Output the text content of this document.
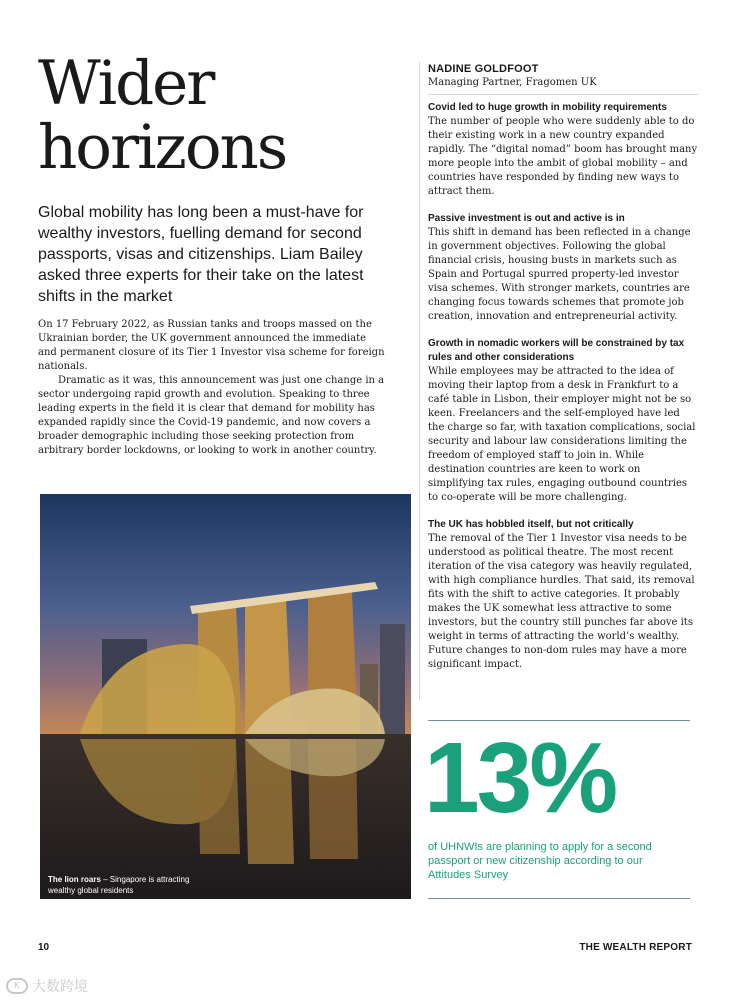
Wider horizons

Global mobility has long been a must-have for wealthy investors, fuelling demand for second passports, visas and citizenships. Liam Bailey asked three experts for their take on the latest shifts in the market

On 17 February 2022, as Russian tanks and troops massed on the Ukrainian border, the UK government announced the immediate and permanent closure of its Tier 1 Investor visa scheme for foreign nationals.

Dramatic as it was, this announcement was just one change in a sector undergoing rapid growth and evolution. Speaking to three leading experts in the field it is clear that demand for mobility has expanded rapidly since the Covid-19 pandemic, and now covers a broader demographic including those seeking protection from arbitrary border lockdowns, or looking to work in another country.

The lion roars – Singapore is attracting wealthy global residents

NADINE GOLDFOOT

Managing Partner, Fragomen UK

Covid led to huge growth in mobility requirements

The number of people who were suddenly able to do their existing work in a new country expanded rapidly. The “digital nomad” boom has brought many more people into the ambit of global mobility – and countries have responded by finding new ways to attract them.

Passive investment is out and active is in

This shift in demand has been reflected in a change in government objectives. Following the global financial crisis, housing busts in markets such as Spain and Portugal spurred property-led investor visa schemes. With stronger markets, countries are changing focus towards schemes that promote job creation, innovation and entrepreneurial activity.

Growth in nomadic workers will be constrained by tax rules and other considerations

While employees may be attracted to the idea of moving their laptop from a desk in Frankfurt to a café table in Lisbon, their employer might not be so keen. Freelancers and the self-employed have led the charge so far, with taxation complications, social security and labour law considerations limiting the freedom of employed staff to join in. While destination countries are keen to work on simplifying tax rules, engaging outbound countries to co-operate will be more challenging.

The UK has hobbled itself, but not critically

The removal of the Tier 1 Investor visa needs to be understood as political theatre. The most recent iteration of the visa category was heavily regulated, with high compliance hurdles. That said, its removal fits with the shift to active categories. It probably makes the UK somewhat less attractive to some investors, but the country still punches far above its weight in terms of attracting the world’s wealthy. Future changes to non-dom rules may have a more significant impact.

13%

of UHNWIs are planning to apply for a second passport or new citizenship according to our Attitudes Survey

10	THE WEALTH REPORT
K 大数跨境
